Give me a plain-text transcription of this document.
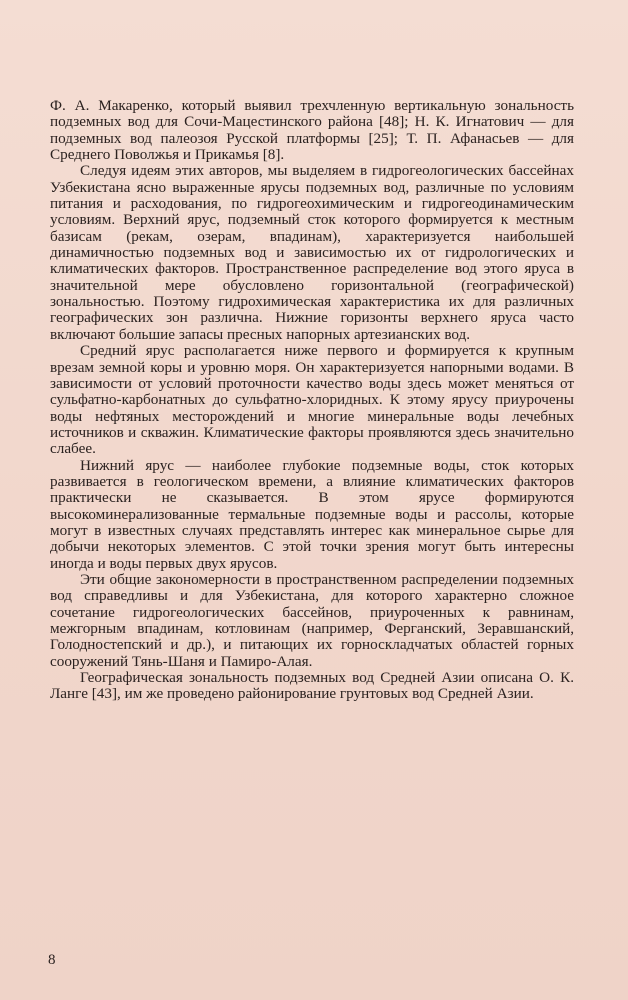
Ф. А. Макаренко, который выявил трехчленную вертикальную зональность подземных вод для Сочи-Мацестинского района [48]; Н. К. Игнатович — для подземных вод палеозоя Русской платформы [25]; Т. П. Афанасьев — для Среднего Поволжья и Прикамья [8].

Следуя идеям этих авторов, мы выделяем в гидрогеологических бассейнах Узбекистана ясно выраженные ярусы подземных вод, различные по условиям питания и расходования, по гидрогеохимическим и гидрогеодинамическим условиям. Верхний ярус, подземный сток которого формируется к местным базисам (рекам, озерам, впадинам), характеризуется наибольшей динамичностью подземных вод и зависимостью их от гидрологических и климатических факторов. Пространственное распределение вод этого яруса в значительной мере обусловлено горизонтальной (географической) зональностью. Поэтому гидрохимическая характеристика их для различных географических зон различна. Нижние горизонты верхнего яруса часто включают большие запасы пресных напорных артезианских вод.

Средний ярус располагается ниже первого и формируется к крупным врезам земной коры и уровню моря. Он характеризуется напорными водами. В зависимости от условий проточности качество воды здесь может меняться от сульфатно-карбонатных до сульфатно-хлоридных. К этому ярусу приурочены воды нефтяных месторождений и многие минеральные воды лечебных источников и скважин. Климатические факторы проявляются здесь значительно слабее.

Нижний ярус — наиболее глубокие подземные воды, сток которых развивается в геологическом времени, а влияние климатических факторов практически не сказывается. В этом ярусе формируются высокоминерализованные термальные подземные воды и рассолы, которые могут в известных случаях представлять интерес как минеральное сырье для добычи некоторых элементов. С этой точки зрения могут быть интересны иногда и воды первых двух ярусов.

Эти общие закономерности в пространственном распределении подземных вод справедливы и для Узбекистана, для которого характерно сложное сочетание гидрогеологических бассейнов, приуроченных к равнинам, межгорным впадинам, котловинам (например, Ферганский, Зеравшанский, Голодностепский и др.), и питающих их горноскладчатых областей горных сооружений Тянь-Шаня и Памиро-Алая.

Географическая зональность подземных вод Средней Азии описана О. К. Ланге [43], им же проведено районирование грунтовых вод Средней Азии.

8
